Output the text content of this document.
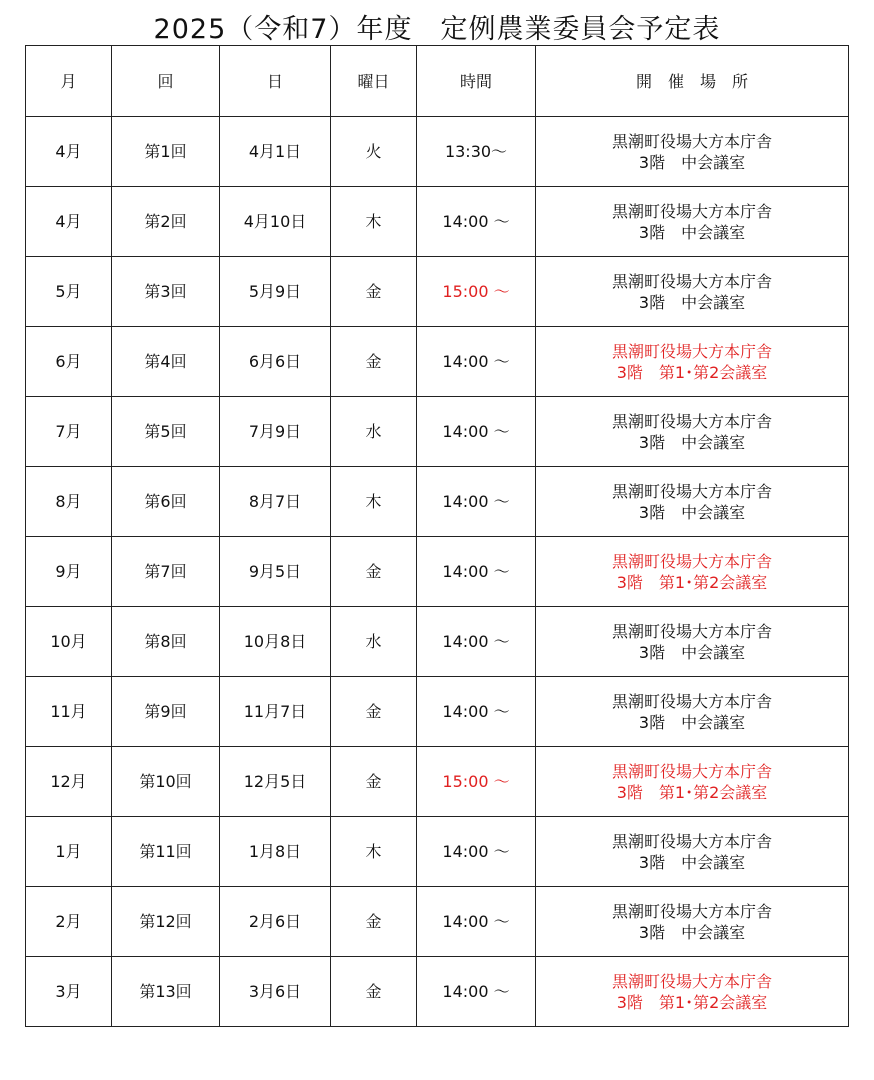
2025（令和7）年度　定例農業委員会予定表
月	回	日	曜日	時間	開　催　場　所
4月	第1回	4月1日	火	13:30～	黒潮町役場大方本庁舎
3階　中会議室

4月	第2回	4月10日	木	14:00 ～	黒潮町役場大方本庁舎
3階　中会議室

5月	第3回	5月9日	金	15:00 ～	黒潮町役場大方本庁舎
3階　中会議室

6月	第4回	6月6日	金	14:00 ～	黒潮町役場大方本庁舎
3階　第1･第2会議室

7月	第5回	7月9日	水	14:00 ～	黒潮町役場大方本庁舎
3階　中会議室

8月	第6回	8月7日	木	14:00 ～	黒潮町役場大方本庁舎
3階　中会議室

9月	第7回	9月5日	金	14:00 ～	黒潮町役場大方本庁舎
3階　第1･第2会議室

10月	第8回	10月8日	水	14:00 ～	黒潮町役場大方本庁舎
3階　中会議室

11月	第9回	11月7日	金	14:00 ～	黒潮町役場大方本庁舎
3階　中会議室

12月	第10回	12月5日	金	15:00 ～	黒潮町役場大方本庁舎
3階　第1･第2会議室

1月	第11回	1月8日	木	14:00 ～	黒潮町役場大方本庁舎
3階　中会議室

2月	第12回	2月6日	金	14:00 ～	黒潮町役場大方本庁舎
3階　中会議室

3月	第13回	3月6日	金	14:00 ～	黒潮町役場大方本庁舎
3階　第1･第2会議室
